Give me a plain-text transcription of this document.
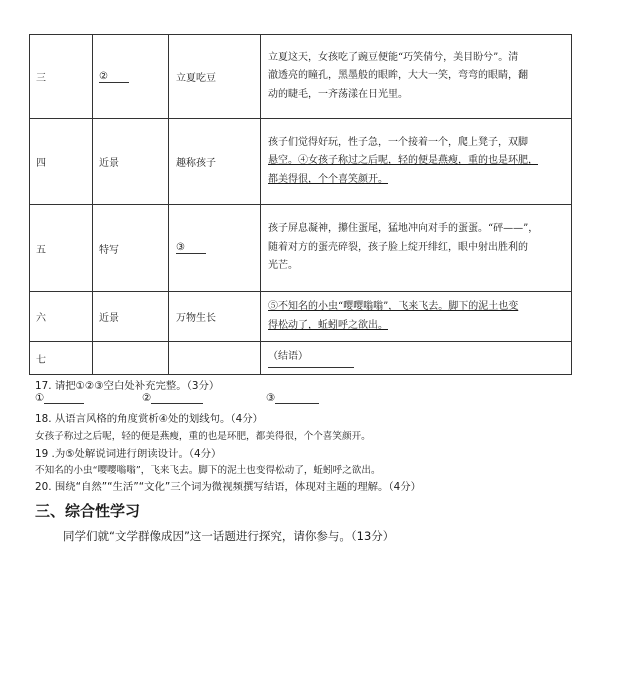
三	②	立夏吃豆	立夏这天，女孩吃了豌豆便能“巧笑倩兮，美目盼兮”。清
澈透亮的瞳孔，黑墨般的眼眸，大大一笑，弯弯的眼睛，翻
动的睫毛，一齐荡漾在日光里。

四	近景	趣称孩子	孩子们觉得好玩，性子急，一个接着一个，爬上凳子，双脚
悬空。④女孩子称过之后呢，轻的便是燕瘦，重的也是环肥，
都美得很，个个喜笑颜开。

五	特写	③	孩子屏息凝神，攥住蛋尾，猛地冲向对手的蛋蛋。“砰——”，
随着对方的蛋壳碎裂，孩子脸上绽开绯红，眼中射出胜利的
光芒。

六	近景	万物生长	⑤不知名的小虫“嘤嘤嗡嗡”，飞来飞去。脚下的泥土也变
得松动了，蚯蚓呼之欲出。

七			（结语）
17. 请把①②③空白处补充完整。（3分）
①	②	③
18. 从语言风格的角度赏析④处的划线句。（4分）
女孩子称过之后呢，轻的便是燕瘦，重的也是环肥，都美得很，个个喜笑颜开。
19 .为⑤处解说词进行朗读设计。（4分）
不知名的小虫“嘤嘤嗡嗡”，飞来飞去。脚下的泥土也变得松动了，蚯蚓呼之欲出。
20. 围绕“自然”“生活”“文化”三个词为微视频撰写结语，体现对主题的理解。（4分）
三、综合性学习
同学们就“文学群像成因”这一话题进行探究，请你参与。（13分）
